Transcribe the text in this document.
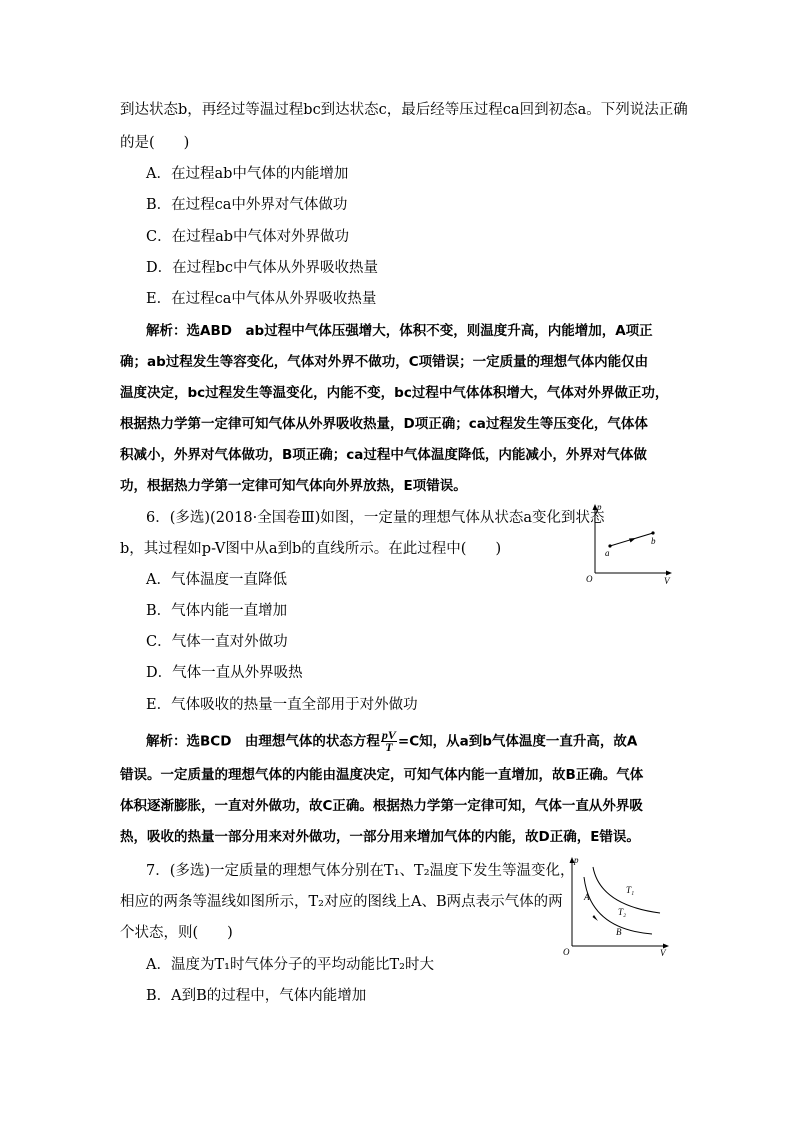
到达状态b，再经过等温过程bc到达状态c，最后经等压过程ca回到初态a。下列说法正确
的是(　　)
A．在过程ab中气体的内能增加
B．在过程ca中外界对气体做功
C．在过程ab中气体对外界做功
D．在过程bc中气体从外界吸收热量
E．在过程ca中气体从外界吸收热量
解析：选ABD　ab过程中气体压强增大，体积不变，则温度升高，内能增加，A项正
确；ab过程发生等容变化，气体对外界不做功，C项错误；一定质量的理想气体内能仅由
温度决定，bc过程发生等温变化，内能不变，bc过程中气体体积增大，气体对外界做正功，
根据热力学第一定律可知气体从外界吸收热量，D项正确；ca过程发生等压变化，气体体
积减小，外界对气体做功，B项正确；ca过程中气体温度降低，内能减小，外界对气体做
功，根据热力学第一定律可知气体向外界放热，E项错误。
6．(多选)(2018·全国卷Ⅲ)如图，一定量的理想气体从状态a变化到状态
b，其过程如p-V图中从a到b的直线所示。在此过程中(　　)
p
V
O
a
b
A．气体温度一直降低
B．气体内能一直增加
C．气体一直对外做功
D．气体一直从外界吸热
E．气体吸收的热量一直全部用于对外做功
解析：选BCD　由理想气体的状态方程 $\frac{pV}{T} =C$知，从a到b气体温度一直升高，故A
错误。一定质量的理想气体的内能由温度决定，可知气体内能一直增加，故B正确。气体
体积逐渐膨胀，一直对外做功，故C正确。根据热力学第一定律可知，气体一直从外界吸
热，吸收的热量一部分用来对外做功，一部分用来增加气体的内能，故D正确，E错误。
7．(多选)一定质量的理想气体分别在T₁、T₂温度下发生等温变化，
相应的两条等温线如图所示，T₂对应的图线上A、B两点表示气体的两
个状态，则(　　)
p
V
O
T₁
T₂
A
B
A．温度为T₁时气体分子的平均动能比T₂时大
B．A到B的过程中，气体内能增加
